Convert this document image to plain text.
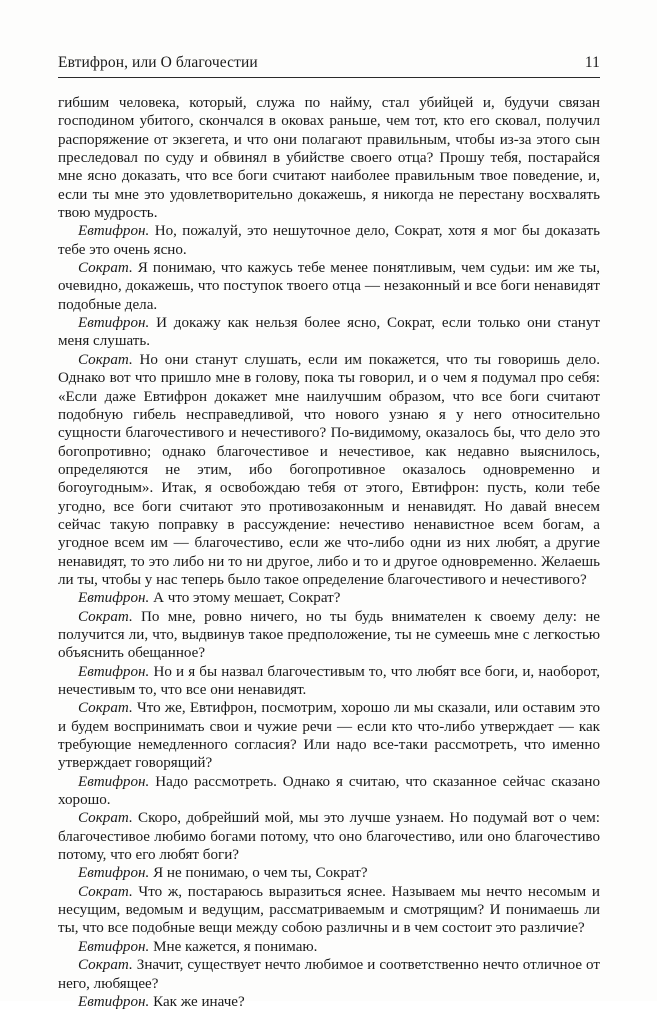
Евтифрон, или О благочестии	11

гибшим человека, который, служа по найму, стал убийцей и, будучи связан господином убитого, скончался в оковах раньше, чем тот, кто его сковал, получил распоряжение от экзегета, и что они полагают правильным, чтобы из-за этого сын преследовал по суду и обвинял в убийстве своего отца? Прошу тебя, постарайся мне ясно доказать, что все боги считают наиболее правильным твое поведение, и, если ты мне это удовлетворительно докажешь, я никогда не перестану восхвалять твою мудрость.

Евтифрон. Но, пожалуй, это нешуточное дело, Сократ, хотя я мог бы доказать тебе это очень ясно.

Сократ. Я понимаю, что кажусь тебе менее понятливым, чем судьи: им же ты, очевидно, докажешь, что поступок твоего отца — незаконный и все боги ненавидят подобные дела.

Евтифрон. И докажу как нельзя более ясно, Сократ, если только они станут меня слушать.

Сократ. Но они станут слушать, если им покажется, что ты говоришь дело. Однако вот что пришло мне в голову, пока ты говорил, и о чем я подумал про себя: «Если даже Евтифрон докажет мне наилучшим образом, что все боги считают подобную гибель несправедливой, что нового узнаю я у него относительно сущности благочестивого и нечестивого? По-видимому, оказалось бы, что дело это богопротивно; однако благочестивое и нечестивое, как недавно выяснилось, определяются не этим, ибо богопротивное оказалось одновременно и богоугодным». Итак, я освобождаю тебя от этого, Евтифрон: пусть, коли тебе угодно, все боги считают это противозаконным и ненавидят. Но давай внесем сейчас такую поправку в рассуждение: нечестиво ненавистное всем богам, а угодное всем им — благочестиво, если же что-либо одни из них любят, а другие ненавидят, то это либо ни то ни другое, либо и то и другое одновременно. Желаешь ли ты, чтобы у нас теперь было такое определение благочестивого и нечестивого?

Евтифрон. А что этому мешает, Сократ?

Сократ. По мне, ровно ничего, но ты будь внимателен к своему делу: не получится ли, что, выдвинув такое предположение, ты не сумеешь мне с легкостью объяснить обещанное?

Евтифрон. Но и я бы назвал благочестивым то, что любят все боги, и, наоборот, нечестивым то, что все они ненавидят.

Сократ. Что же, Евтифрон, посмотрим, хорошо ли мы сказали, или оставим это и будем воспринимать свои и чужие речи — если кто что-либо утверждает — как требующие немедленного согласия? Или надо все-таки рассмотреть, что именно утверждает говорящий?

Евтифрон. Надо рассмотреть. Однако я считаю, что сказанное сейчас сказано хорошо.

Сократ. Скоро, добрейший мой, мы это лучше узнаем. Но подумай вот о чем: благочестивое любимо богами потому, что оно благочестиво, или оно благочестиво потому, что его любят боги?

Евтифрон. Я не понимаю, о чем ты, Сократ?

Сократ. Что ж, постараюсь выразиться яснее. Называем мы нечто несомым и несущим, ведомым и ведущим, рассматриваемым и смотрящим? И понимаешь ли ты, что все подобные вещи между собою различны и в чем состоит это различие?

Евтифрон. Мне кажется, я понимаю.

Сократ. Значит, существует нечто любимое и соответственно нечто отличное от него, любящее?

Евтифрон. Как же иначе?
